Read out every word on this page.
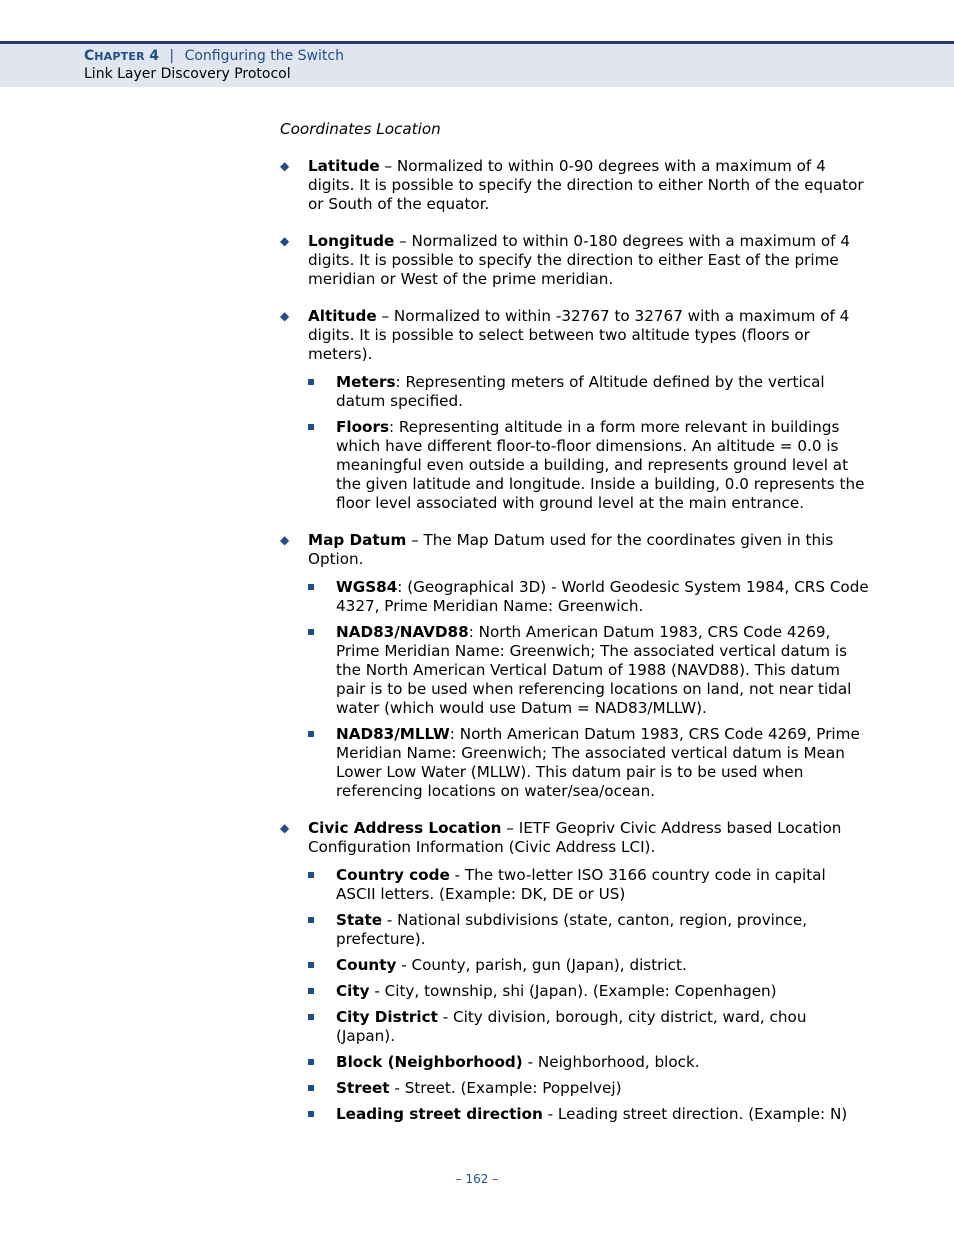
CHAPTER 4 | Configuring the Switch
Link Layer Discovery Protocol
Coordinates Location
◆ Latitude – Normalized to within 0-90 degrees with a maximum of 4 digits. It is possible to specify the direction to either North of the equator or South of the equator.

◆ Longitude – Normalized to within 0-180 degrees with a maximum of 4 digits. It is possible to specify the direction to either East of the prime meridian or West of the prime meridian.

◆ Altitude – Normalized to within -32767 to 32767 with a maximum of 4 digits. It is possible to select between two altitude types (floors or meters).

Meters: Representing meters of Altitude defined by the vertical datum specified.
Floors: Representing altitude in a form more relevant in buildings which have different floor-to-floor dimensions. An altitude = 0.0 is meaningful even outside a building, and represents ground level at the given latitude and longitude. Inside a building, 0.0 represents the floor level associated with ground level at the main entrance.
◆ Map Datum – The Map Datum used for the coordinates given in this Option.

WGS84: (Geographical 3D) - World Geodesic System 1984, CRS Code 4327, Prime Meridian Name: Greenwich.
NAD83/NAVD88: North American Datum 1983, CRS Code 4269, Prime Meridian Name: Greenwich; The associated vertical datum is the North American Vertical Datum of 1988 (NAVD88). This datum pair is to be used when referencing locations on land, not near tidal water (which would use Datum = NAD83/MLLW).
NAD83/MLLW: North American Datum 1983, CRS Code 4269, Prime Meridian Name: Greenwich; The associated vertical datum is Mean Lower Low Water (MLLW). This datum pair is to be used when referencing locations on water/sea/ocean.
◆ Civic Address Location – IETF Geopriv Civic Address based Location Configuration Information (Civic Address LCI).

Country code - The two-letter ISO 3166 country code in capital ASCII letters. (Example: DK, DE or US)
State - National subdivisions (state, canton, region, province, prefecture).
County - County, parish, gun (Japan), district.
City - City, township, shi (Japan). (Example: Copenhagen)
City District - City division, borough, city district, ward, chou (Japan).
Block (Neighborhood) - Neighborhood, block.
Street - Street. (Example: Poppelvej)
Leading street direction - Leading street direction. (Example: N)
– 162 –
